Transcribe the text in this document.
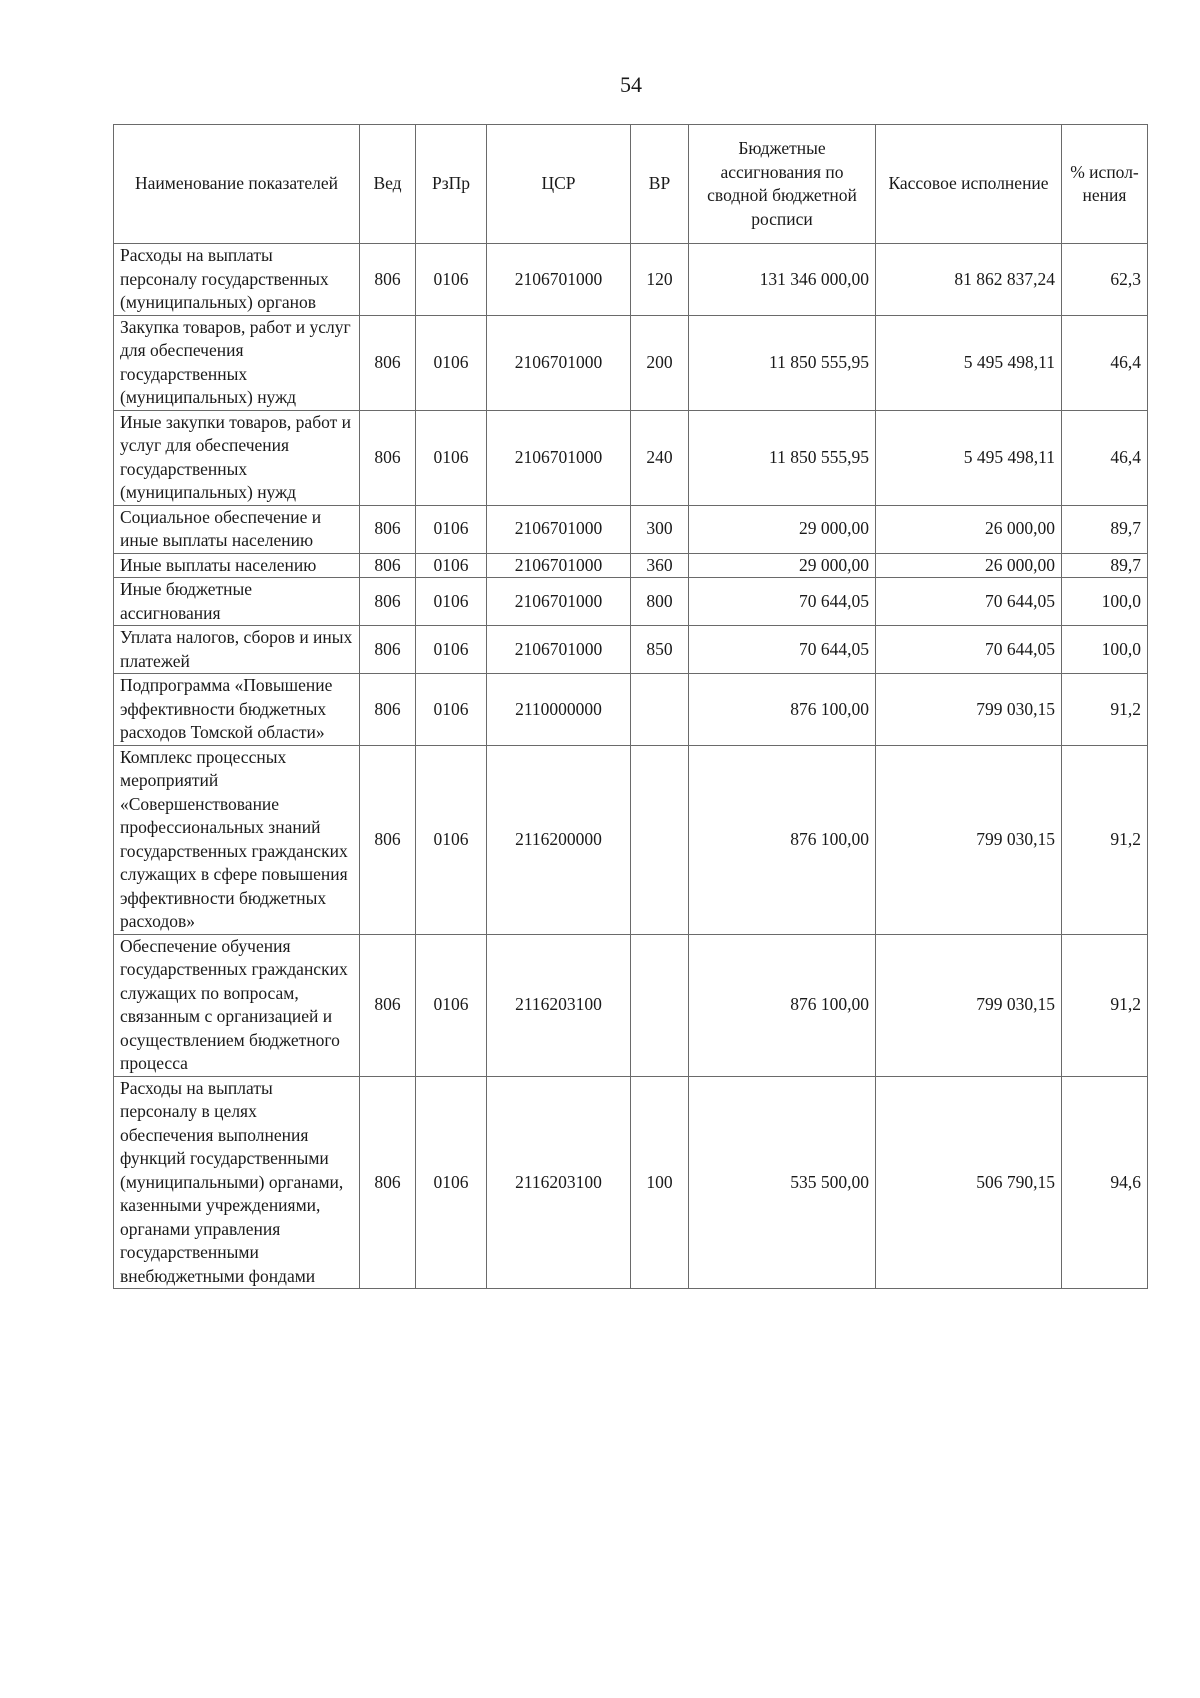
54
Наименование показателей	Вед	РзПр	ЦСР	ВР	Бюджетные ассигнования по сводной бюджетной росписи	Кассовое исполнение	% испол-нения
Расходы на выплаты персоналу государственных (муниципальных) органов	806	0106	2106701000	120	131 346 000,00	81 862 837,24	62,3
Закупка товаров, работ и услуг для обеспечения государственных (муниципальных) нужд	806	0106	2106701000	200	11 850 555,95	5 495 498,11	46,4
Иные закупки товаров, работ и услуг для обеспечения государственных (муниципальных) нужд	806	0106	2106701000	240	11 850 555,95	5 495 498,11	46,4
Социальное обеспечение и иные выплаты населению	806	0106	2106701000	300	29 000,00	26 000,00	89,7
Иные выплаты населению	806	0106	2106701000	360	29 000,00	26 000,00	89,7
Иные бюджетные ассигнования	806	0106	2106701000	800	70 644,05	70 644,05	100,0
Уплата налогов, сборов и иных платежей	806	0106	2106701000	850	70 644,05	70 644,05	100,0
Подпрограмма «Повышение эффективности бюджетных расходов Томской области»	806	0106	2110000000		876 100,00	799 030,15	91,2
Комплекс процессных мероприятий «Совершенствование профессиональных знаний государственных гражданских служащих в сфере повышения эффективности бюджетных расходов»	806	0106	2116200000		876 100,00	799 030,15	91,2
Обеспечение обучения государственных гражданских служащих по вопросам, связанным с организацией и осуществлением бюджетного процесса	806	0106	2116203100		876 100,00	799 030,15	91,2
Расходы на выплаты персоналу в целях обеспечения выполнения функций государственными (муниципальными) органами, казенными учреждениями, органами управления государственными внебюджетными фондами	806	0106	2116203100	100	535 500,00	506 790,15	94,6
